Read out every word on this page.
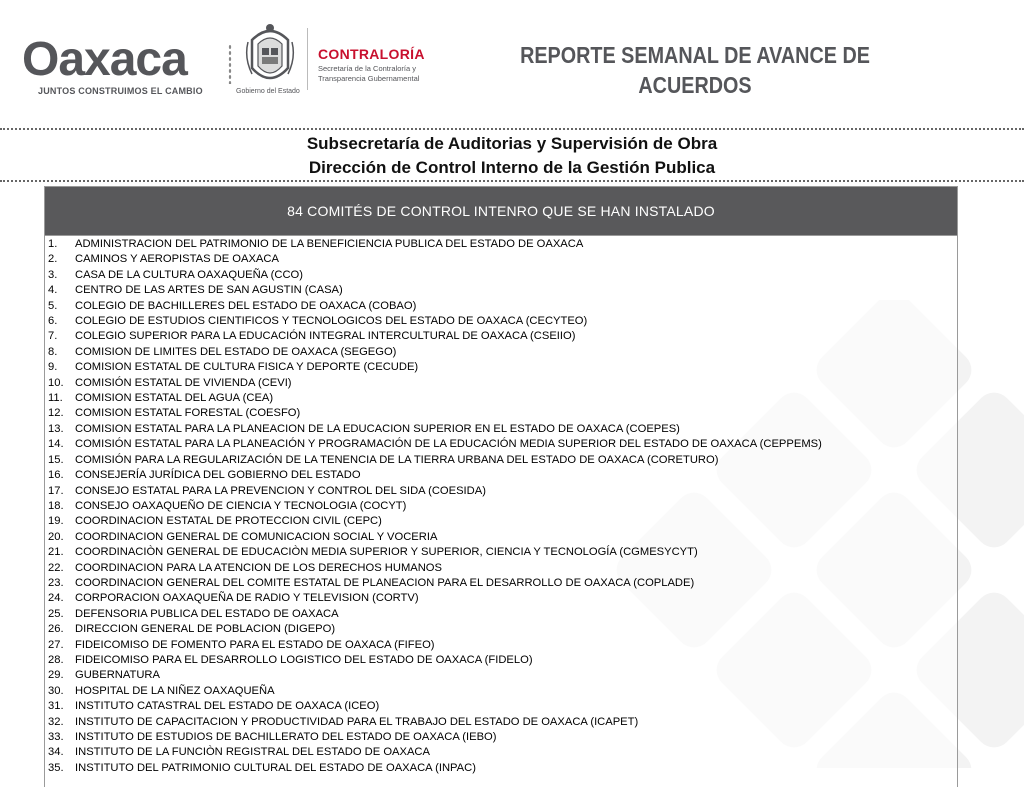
Oaxaca
JUNTOS CONSTRUIMOS EL CAMBIO	Gobierno del Estado
CONTRALORÍA
Secretaría de la Contraloría y
Transparencia Gubernamental
REPORTE SEMANAL DE AVANCE DE
ACUERDOS
Subsecretaría de Auditorias y Supervisión de Obra
Dirección de Control Interno de la Gestión Publica
84 COMITÉS DE CONTROL INTENRO QUE SE HAN INSTALADO
1.	ADMINISTRACION DEL PATRIMONIO DE LA BENEFICIENCIA PUBLICA DEL ESTADO DE OAXACA
2.	CAMINOS Y AEROPISTAS DE OAXACA
3.	CASA DE LA CULTURA OAXAQUEÑA (CCO)
4.	CENTRO DE LAS ARTES DE SAN AGUSTIN (CASA)
5.	COLEGIO DE BACHILLERES DEL ESTADO DE OAXACA (COBAO)
6.	COLEGIO DE ESTUDIOS CIENTIFICOS Y TECNOLOGICOS DEL ESTADO DE OAXACA (CECYTEO)
7.	COLEGIO SUPERIOR PARA LA EDUCACIÓN INTEGRAL INTERCULTURAL DE OAXACA (CSEIIO)
8.	COMISION DE LIMITES DEL ESTADO DE OAXACA (SEGEGO)
9.	COMISION ESTATAL DE CULTURA FISICA Y DEPORTE (CECUDE)
10.	COMISIÓN ESTATAL DE VIVIENDA (CEVI)
11.	COMISION ESTATAL DEL AGUA (CEA)
12.	COMISION ESTATAL FORESTAL (COESFO)
13.	COMISION ESTATAL PARA LA PLANEACION DE LA EDUCACION SUPERIOR EN EL ESTADO DE OAXACA (COEPES)
14.	COMISIÓN ESTATAL PARA LA PLANEACIÓN Y PROGRAMACIÓN DE LA EDUCACIÓN MEDIA SUPERIOR DEL ESTADO DE OAXACA (CEPPEMS)
15.	COMISIÓN PARA LA REGULARIZACIÓN DE LA TENENCIA DE LA TIERRA URBANA DEL ESTADO DE OAXACA (CORETURO)
16.	CONSEJERÍA JURÍDICA DEL GOBIERNO DEL ESTADO
17.	CONSEJO ESTATAL PARA LA PREVENCION Y CONTROL DEL SIDA (COESIDA)
18.	CONSEJO OAXAQUEÑO DE CIENCIA Y TECNOLOGIA (COCYT)
19.	COORDINACION ESTATAL DE PROTECCION CIVIL (CEPC)
20.	COORDINACION GENERAL DE COMUNICACION SOCIAL Y VOCERIA
21.	COORDINACIÒN GENERAL DE EDUCACIÒN MEDIA SUPERIOR Y SUPERIOR, CIENCIA Y TECNOLOGÍA (CGMESYCYT)
22.	COORDINACION PARA LA ATENCION DE LOS DERECHOS HUMANOS
23.	COORDINACION GENERAL DEL COMITE ESTATAL DE PLANEACION PARA EL DESARROLLO DE OAXACA (COPLADE)
24.	CORPORACION OAXAQUEÑA DE RADIO Y TELEVISION (CORTV)
25.	DEFENSORIA PUBLICA DEL ESTADO DE OAXACA
26.	DIRECCION GENERAL DE POBLACION (DIGEPO)
27.	FIDEICOMISO DE FOMENTO PARA EL ESTADO DE OAXACA (FIFEO)
28.	FIDEICOMISO PARA EL DESARROLLO LOGISTICO DEL ESTADO DE OAXACA (FIDELO)
29.	GUBERNATURA
30.	HOSPITAL DE LA NIÑEZ OAXAQUEÑA
31.	INSTITUTO CATASTRAL DEL ESTADO DE OAXACA (ICEO)
32.	INSTITUTO DE CAPACITACION Y PRODUCTIVIDAD PARA EL TRABAJO DEL ESTADO DE OAXACA (ICAPET)
33.	INSTITUTO DE ESTUDIOS DE BACHILLERATO DEL ESTADO DE OAXACA (IEBO)
34.	INSTITUTO DE LA FUNCIÒN REGISTRAL DEL ESTADO DE OAXACA
35.	INSTITUTO DEL PATRIMONIO CULTURAL DEL ESTADO DE OAXACA (INPAC)
